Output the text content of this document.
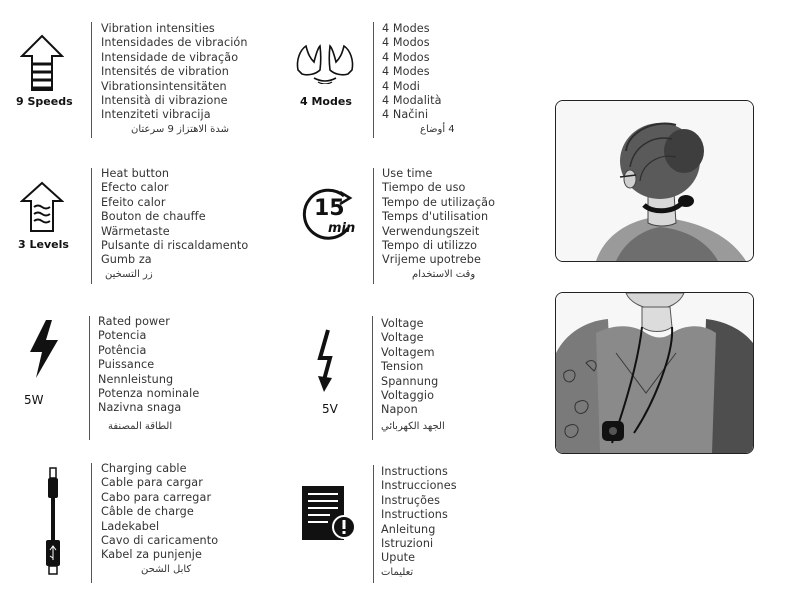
9 Speeds
Vibration intensities
Intensidades de vibración
Intensidade de vibração
Intensités de vibration
Vibrationsintensitäten
Intensità di vibrazione
Intenziteti vibracija
شدة الاهتزاز 9 سرعتان
4 Modes
4 Modes
4 Modos
4 Modos
4 Modes
4 Modi
4 Modalità
4 Načini
4 أوضاع
3 Levels
Heat button
Efecto calor
Efeito calor
Bouton de chauffe
Wärmetaste
Pulsante di riscaldamento
Gumb za
زر التسخين
15
min
Use time
Tiempo de uso
Tempo de utilização
Temps d'utilisation
Verwendungszeit
Tempo di utilizzo
Vrijeme upotrebe
وقت الاستخدام
5W
Rated power
Potencia
Potência
Puissance
Nennleistung
Potenza nominale
Nazivna snaga
الطاقة المصنفة
5V
Voltage
Voltage
Voltagem
Tension
Spannung
Voltaggio
Napon
الجهد الكهربائي
Charging cable
Cable para cargar
Cabo para carregar
Câble de charge
Ladekabel
Cavo di caricamento
Kabel za punjenje
كابل الشحن
Instructions
Instrucciones
Instruções
Instructions
Anleitung
Istruzioni
Upute
تعليمات
